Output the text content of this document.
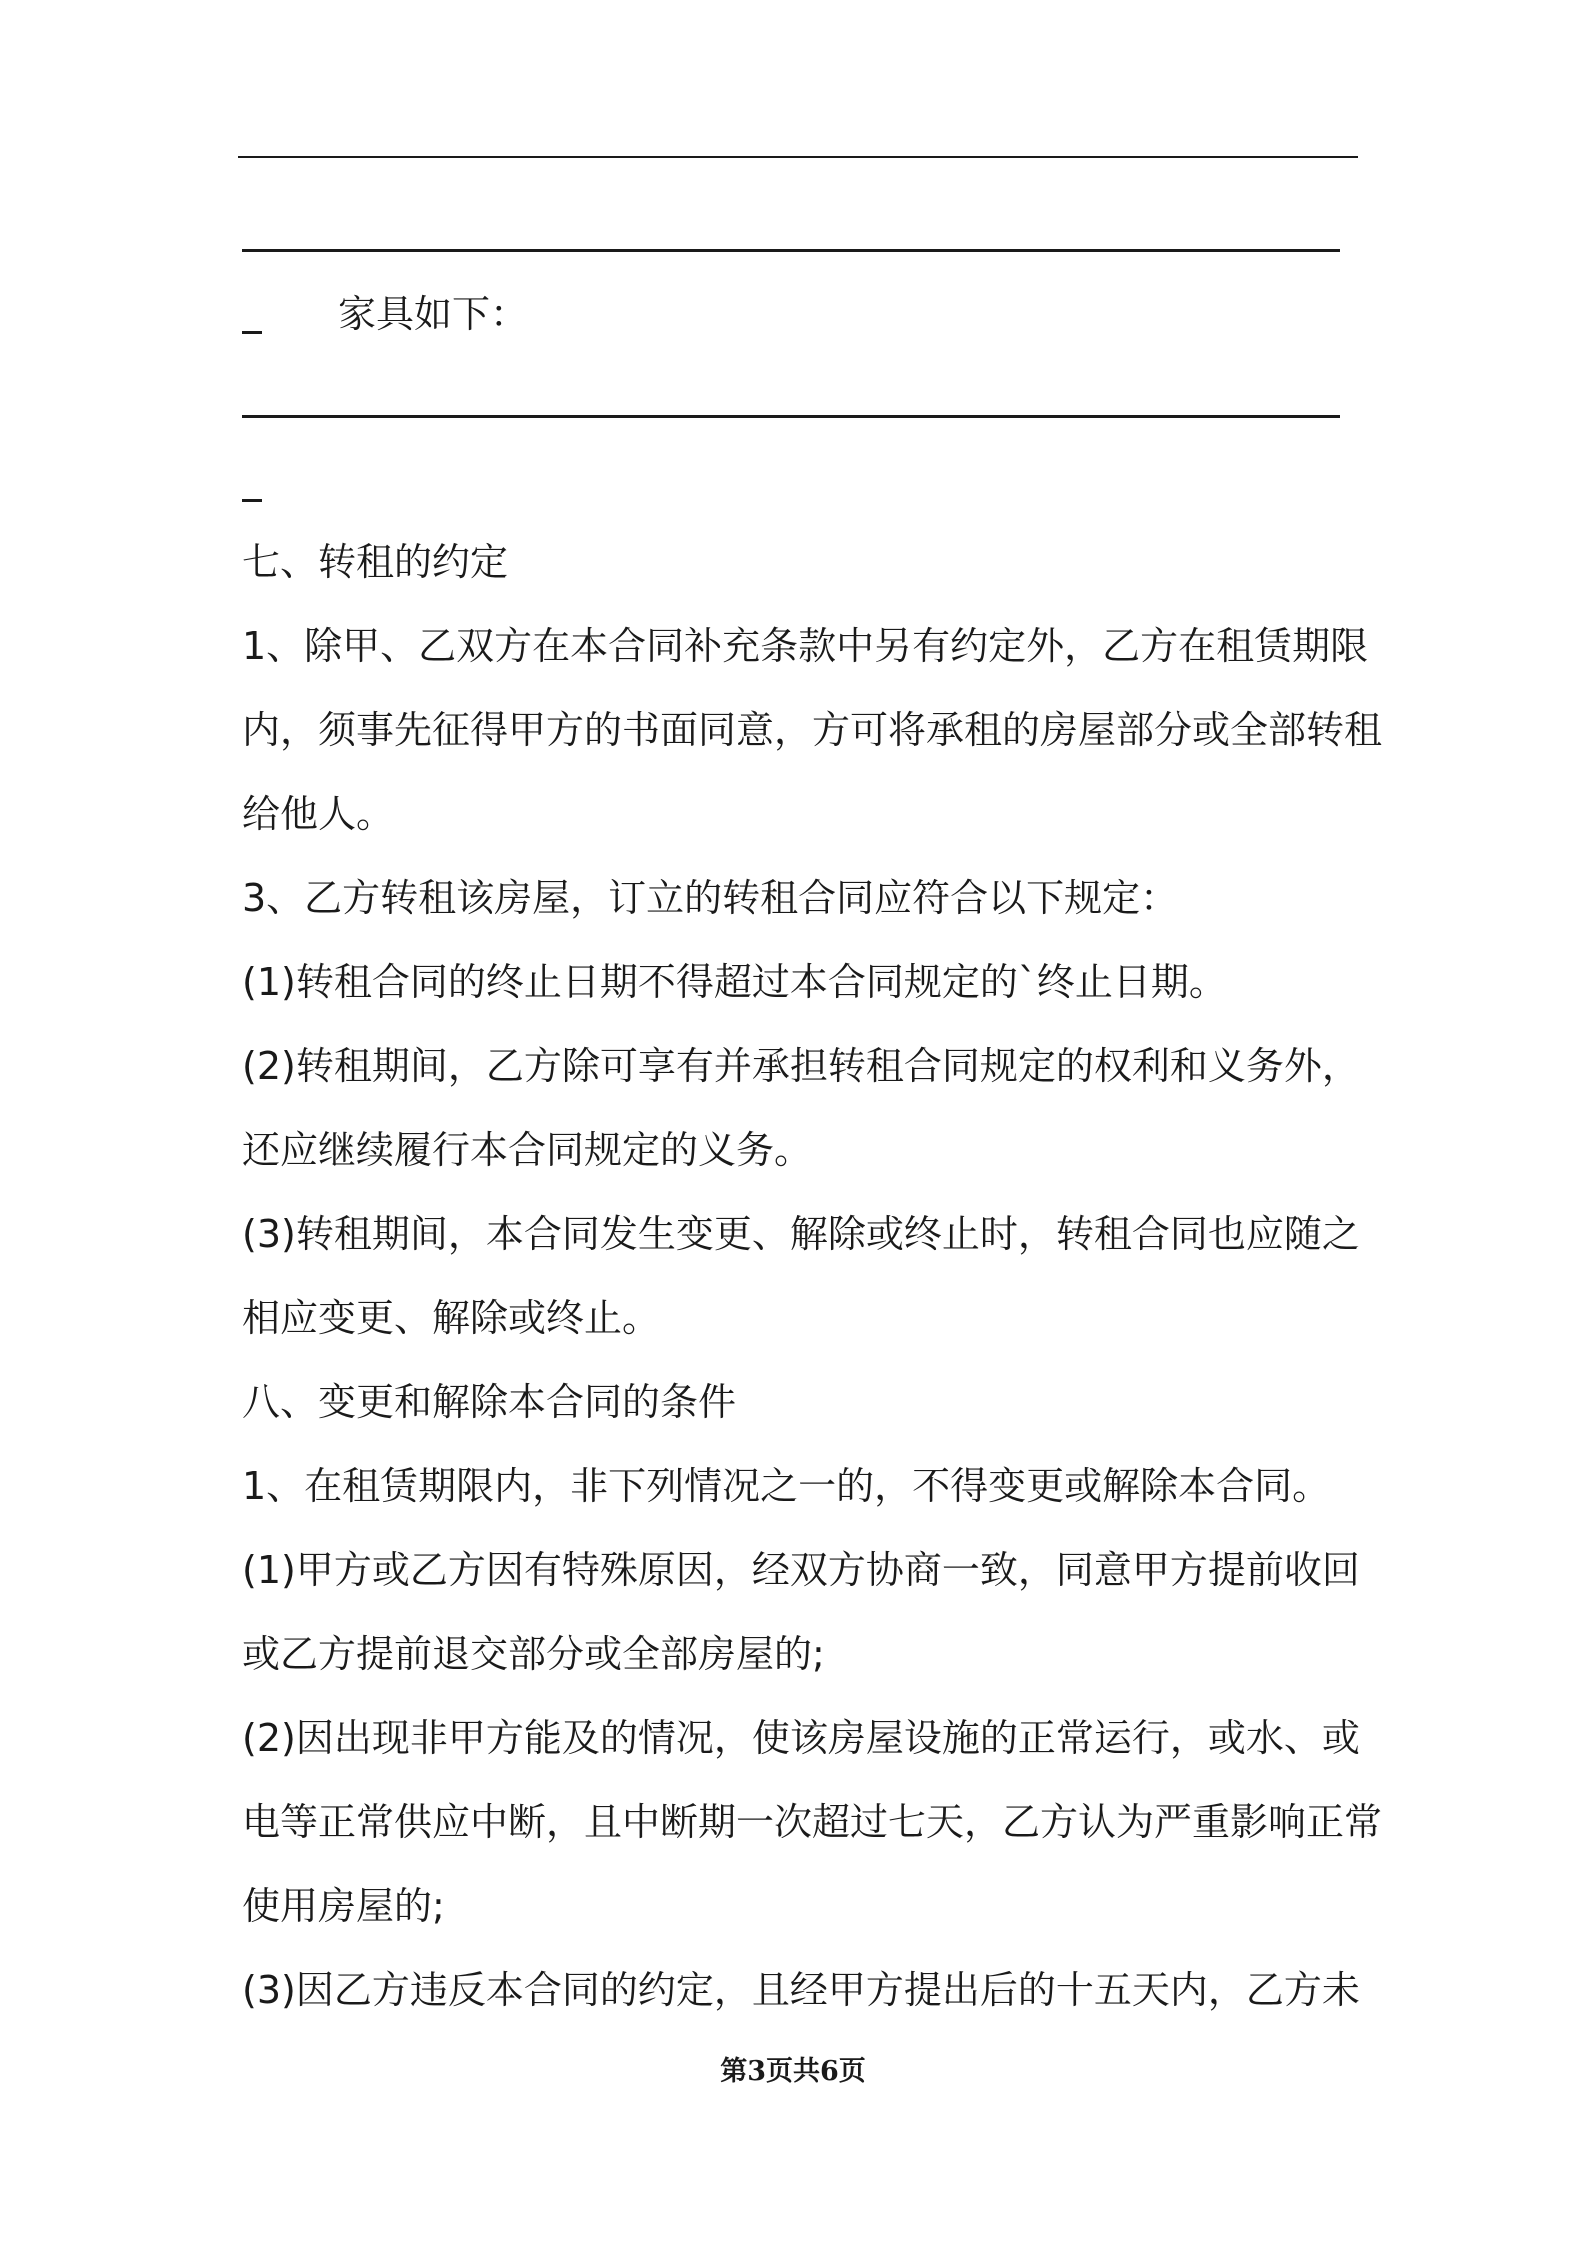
家具如下：
七、转租的约定
1、除甲、乙双方在本合同补充条款中另有约定外，乙方在租赁期限
内，须事先征得甲方的书面同意，方可将承租的房屋部分或全部转租
给他人。
3、乙方转租该房屋，订立的转租合同应符合以下规定：
(1)转租合同的终止日期不得超过本合同规定的`终止日期。
(2)转租期间，乙方除可享有并承担转租合同规定的权利和义务外，
还应继续履行本合同规定的义务。
(3)转租期间，本合同发生变更、解除或终止时，转租合同也应随之
相应变更、解除或终止。
八、变更和解除本合同的条件
1、在租赁期限内，非下列情况之一的，不得变更或解除本合同。
(1)甲方或乙方因有特殊原因，经双方协商一致，同意甲方提前收回
或乙方提前退交部分或全部房屋的;
(2)因出现非甲方能及的情况，使该房屋设施的正常运行，或水、或
电等正常供应中断，且中断期一次超过七天，乙方认为严重影响正常
使用房屋的;
(3)因乙方违反本合同的约定，且经甲方提出后的十五天内，乙方未
第3页共6页
